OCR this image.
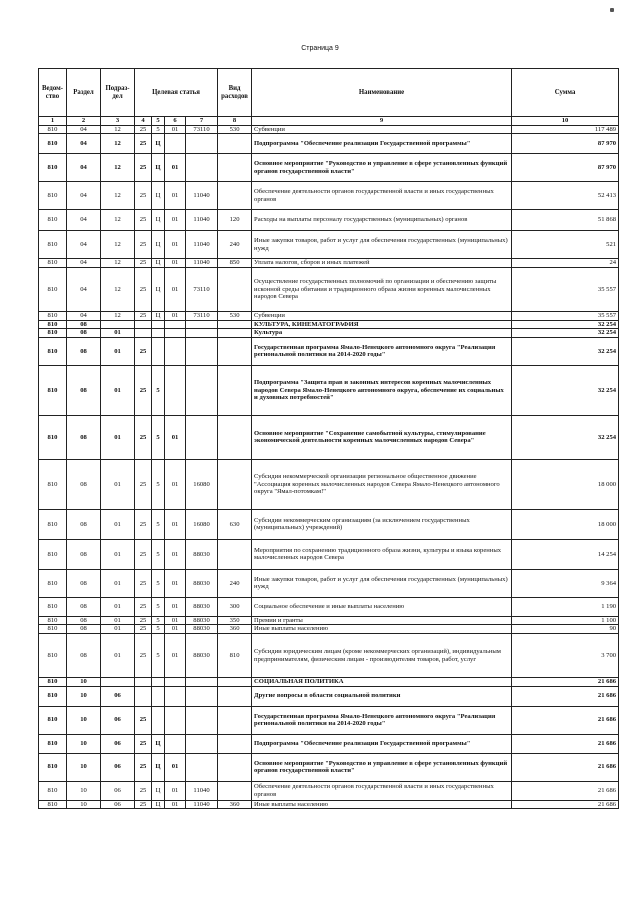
Страница 9
Ведом-ство	Раздел	Подраз-дел	Целевая статья				Вид расходов	Наименование	Сумма
1	2	3	4	5	6	7	8	9	10
810	04	12	25	5	01	73110	530	Субвенции	117 489
810	04	12	25	Ц				Подпрограмма "Обеспечение реализации Государственной программы"	87 970
810	04	12	25	Ц	01			Основное мероприятие "Руководство и управление в сфере установленных функций органов государственной власти"	87 970
810	04	12	25	Ц	01	11040		Обеспечение деятельности органов государственной власти и иных государственных органов	52 413
810	04	12	25	Ц	01	11040	120	Расходы на выплаты персоналу государственных (муниципальных) органов	51 868
810	04	12	25	Ц	01	11040	240	Иные закупки товаров, работ и услуг для обеспечения государственных (муниципальных) нужд	521
810	04	12	25	Ц	01	11040	850	Уплата налогов, сборов и иных платежей	24
810	04	12	25	Ц	01	73110		Осуществление государственных полномочий по организации и обеспечению защиты исконной среды обитания и традиционного образа жизни коренных малочисленных народов Севера	35 557
810	04	12	25	Ц	01	73110	530	Субвенции	35 557
810	08							КУЛЬТУРА, КИНЕМАТОГРАФИЯ	32 254
810	08	01						Культура	32 254
810	08	01	25					Государственная программа Ямало-Ненецкого автономного округа "Реализация региональной политики на 2014-2020 годы"	32 254
810	08	01	25	5				Подпрограмма "Защита прав и законных интересов коренных малочисленных народов Севера Ямало-Ненецкого автономного округа, обеспечение их социальных и духовных потребностей"	32 254
810	08	01	25	5	01			Основное мероприятие "Сохранение самобытной культуры, стимулирование экономической деятельности коренных малочисленных народов Севера"	32 254
810	08	01	25	5	01	16080		Субсидия некоммерческой организации региональное общественное движение "Ассоциация коренных малочисленных народов Севера Ямало-Ненецкого автономного округа "Ямал-потомкам!"	18 000
810	08	01	25	5	01	16080	630	Субсидии некоммерческим организациям (за исключением государственных (муниципальных) учреждений)	18 000
810	08	01	25	5	01	88030		Мероприятия по сохранению традиционного образа жизни, культуры и языка коренных малочисленных народов Севера	14 254
810	08	01	25	5	01	88030	240	Иные закупки товаров, работ и услуг для обеспечения государственных (муниципальных) нужд	9 364
810	08	01	25	5	01	88030	300	Социальное обеспечение и иные выплаты населению	1 190
810	08	01	25	5	01	88030	350	Премии и гранты	1 100
810	08	01	25	5	01	88030	360	Иные выплаты населению	90
810	08	01	25	5	01	88030	810	Субсидии юридическим лицам (кроме некоммерческих организаций), индивидуальным предпринимателям, физическим лицам - производителям товаров, работ, услуг	3 700
810	10							СОЦИАЛЬНАЯ ПОЛИТИКА	21 686
810	10	06						Другие вопросы в области социальной политики	21 686
810	10	06	25					Государственная программа Ямало-Ненецкого автономного округа "Реализация региональной политики на 2014-2020 годы"	21 686
810	10	06	25	Ц				Подпрограмма "Обеспечение реализации Государственной программы"	21 686
810	10	06	25	Ц	01			Основное мероприятие "Руководство и управление в сфере установленных функций органов государственной власти"	21 686
810	10	06	25	Ц	01	11040		Обеспечение деятельности органов государственной власти и иных государственных органов	21 686
810	10	06	25	Ц	01	11040	360	Иные выплаты населению	21 686
